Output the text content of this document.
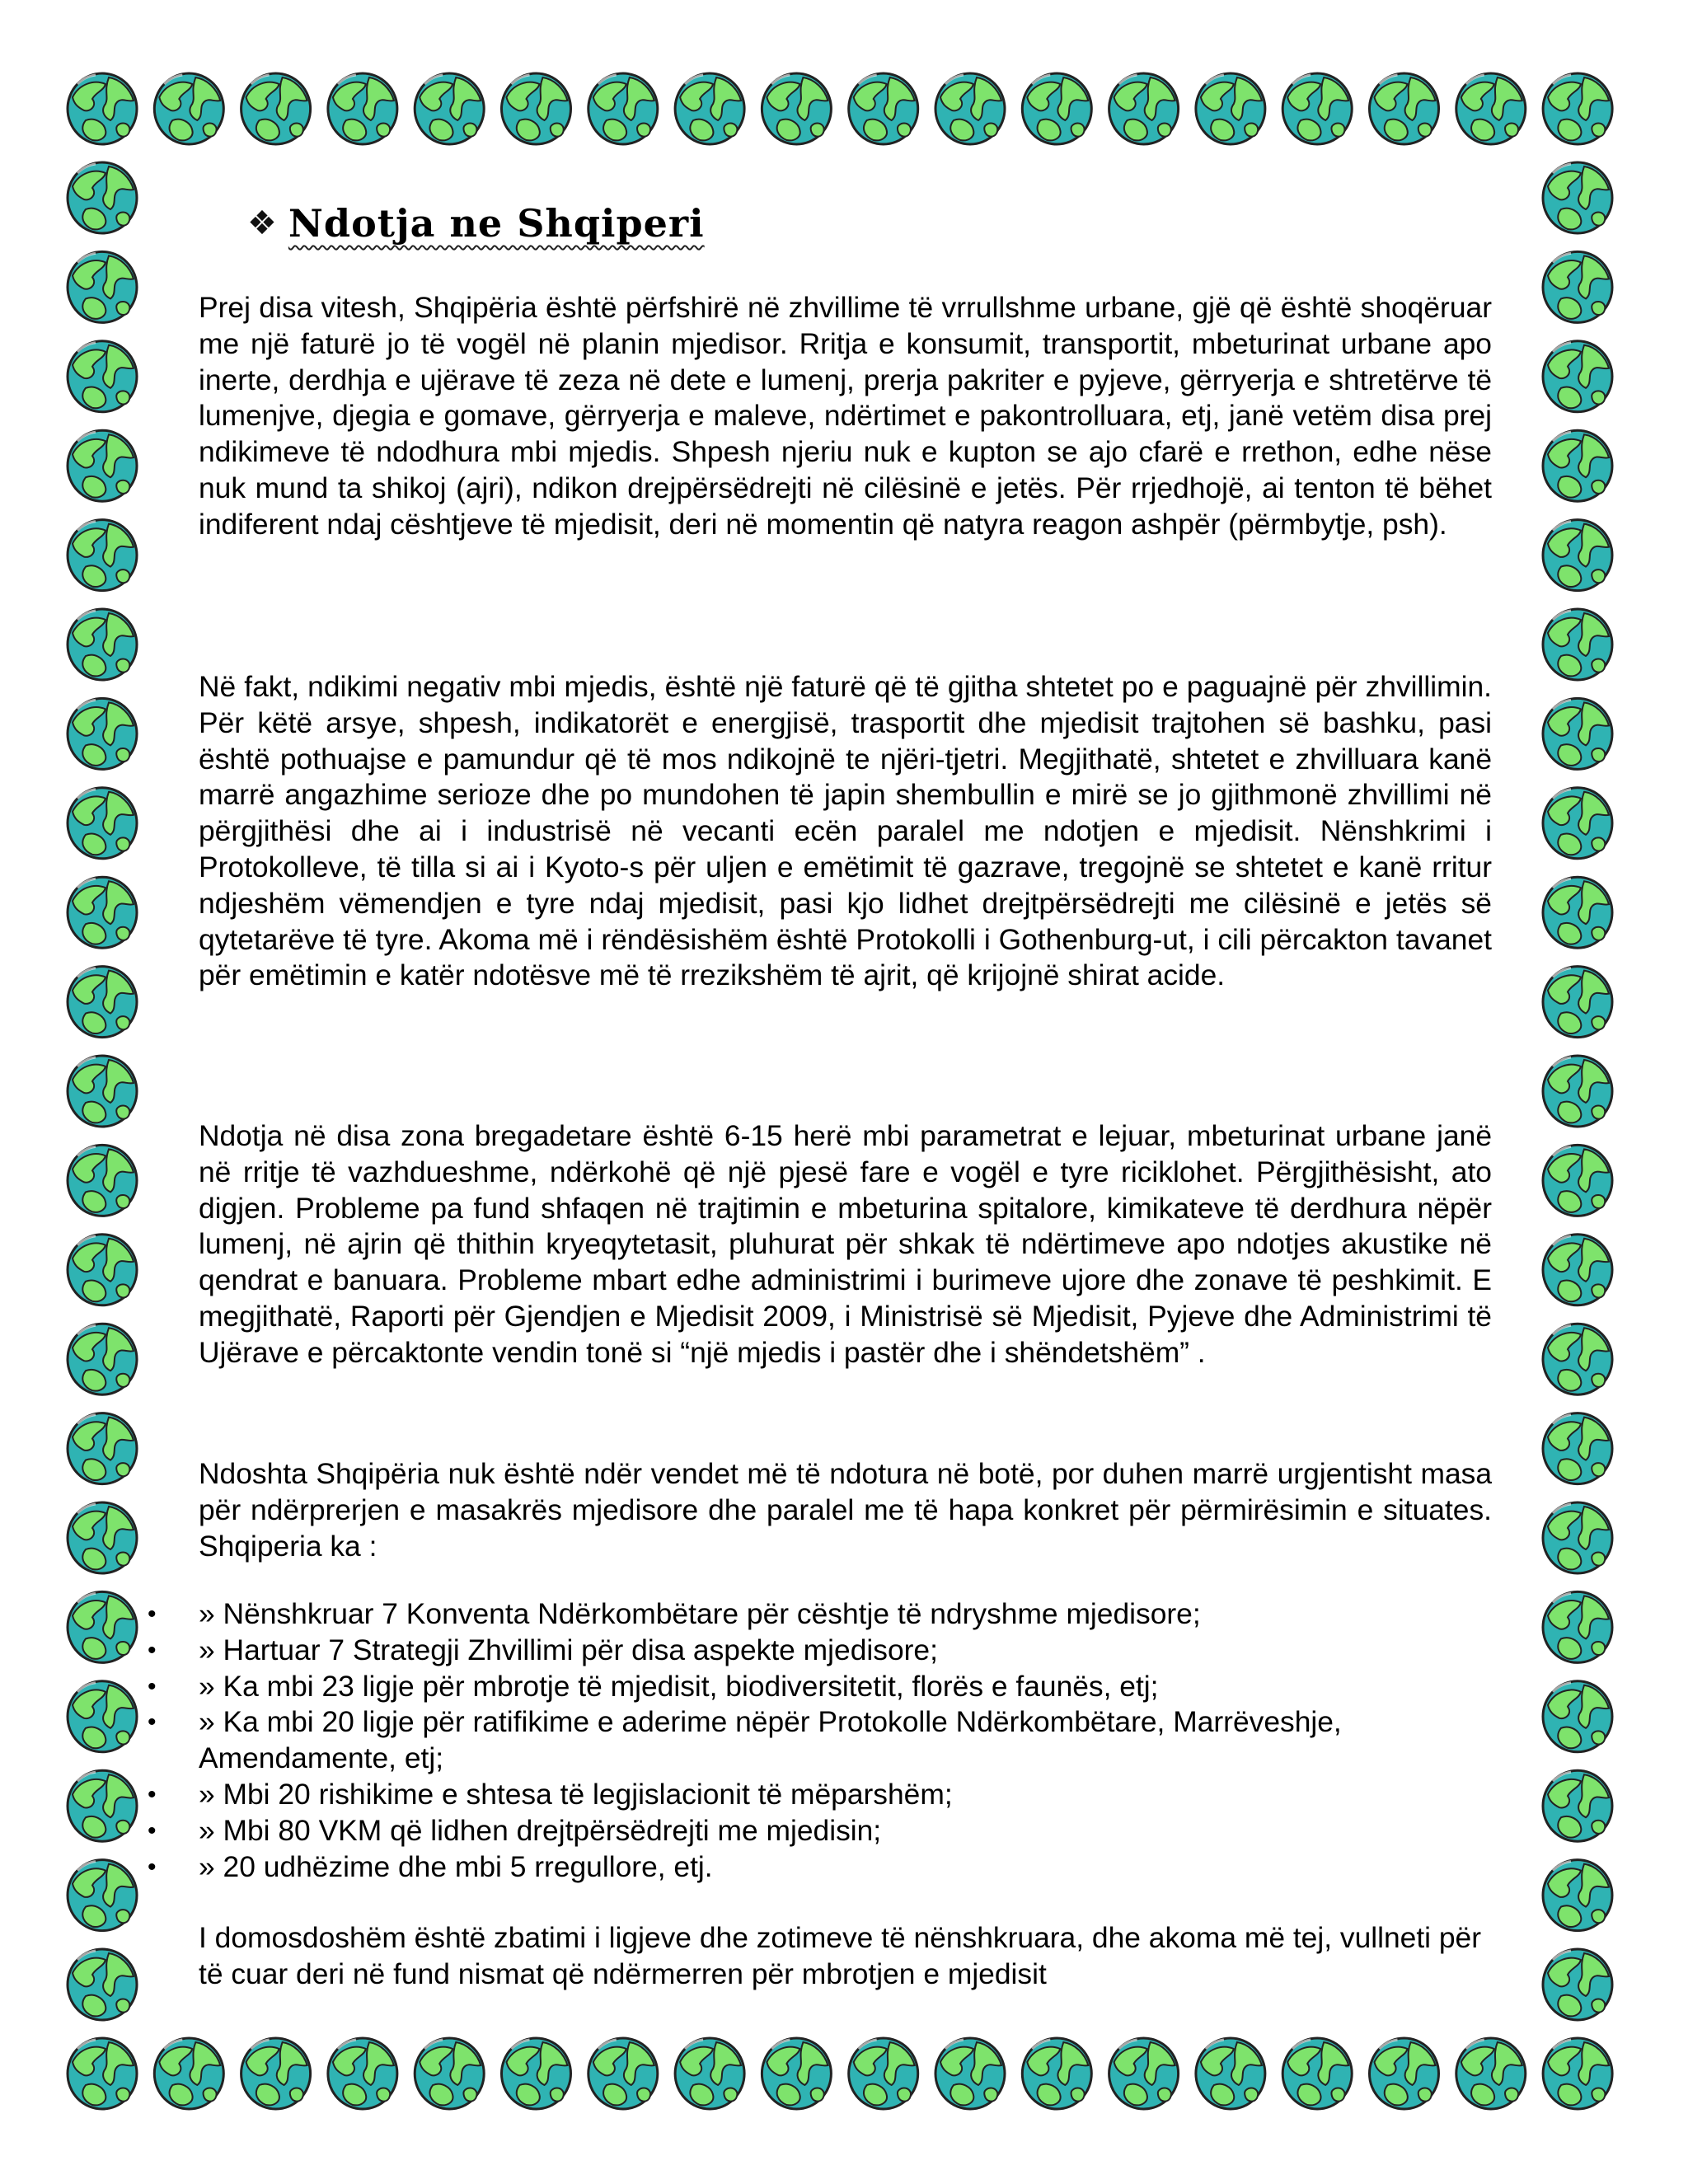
❖ Ndotja ne Shqiperi

Prej disa vitesh, Shqipëria është përfshirë në zhvillime të vrrullshme urbane, gjë që është shoqëruar me një faturë jo të vogël në planin mjedisor. Rritja e konsumit, transportit, mbeturinat urbane apo inerte, derdhja e ujërave të zeza në dete e lumenj, prerja pakriter e pyjeve, gërryerja e shtretërve të lumenjve, djegia e gomave, gërryerja e maleve, ndërtimet e pakontrolluara, etj, janë vetëm disa prej ndikimeve të ndodhura mbi mjedis. Shpesh njeriu nuk e kupton se ajo cfarë e rrethon, edhe nëse nuk mund ta shikoj (ajri), ndikon drejpërsëdrejti në cilësinë e jetës. Për rrjedhojë, ai tenton të bëhet indiferent ndaj cështjeve të mjedisit, deri në momentin që natyra reagon ashpër (përmbytje, psh).

Në fakt, ndikimi negativ mbi mjedis, është një faturë që të gjitha shtetet po e paguajnë për zhvillimin. Për këtë arsye, shpesh, indikatorët e energjisë, trasportit dhe mjedisit trajtohen së bashku, pasi është pothuajse e pamundur që të mos ndikojnë te njëri-tjetri. Megjithatë, shtetet e zhvilluara kanë marrë angazhime serioze dhe po mundohen të japin shembullin e mirë se jo gjithmonë zhvillimi në përgjithësi dhe ai i industrisë në vecanti ecën paralel me ndotjen e mjedisit. Nënshkrimi i Protokolleve, të tilla si ai i Kyoto-s për uljen e emëtimit të gazrave, tregojnë se shtetet e kanë rritur ndjeshëm vëmendjen e tyre ndaj mjedisit, pasi kjo lidhet drejtpërsëdrejti me cilësinë e jetës së qytetarëve të tyre. Akoma më i rëndësishëm është Protokolli i Gothenburg-ut, i cili përcakton tavanet për emëtimin e katër ndotësve më të rrezikshëm të ajrit, që krijojnë shirat acide.

Ndotja në disa zona bregadetare është 6-15 herë mbi parametrat e lejuar, mbeturinat urbane janë në rritje të vazhdueshme, ndërkohë që një pjesë fare e vogël e tyre riciklohet. Përgjithësisht, ato digjen. Probleme pa fund shfaqen në trajtimin e mbeturina spitalore, kimikateve të derdhura nëpër lumenj, në ajrin që thithin kryeqytetasit, pluhurat për shkak të ndërtimeve apo ndotjes akustike në qendrat e banuara. Probleme mbart edhe administrimi i burimeve ujore dhe zonave të peshkimit. E megjithatë, Raporti për Gjendjen e Mjedisit 2009, i Ministrisë së Mjedisit, Pyjeve dhe Administrimi të Ujërave e përcaktonte vendin tonë si “një mjedis i pastër dhe i shëndetshëm” .

Ndoshta Shqipëria nuk është ndër vendet më të ndotura në botë, por duhen marrë urgjentisht masa për ndërprerjen e masakrës mjedisore dhe paralel me të hapa konkret për përmirësimin e situates. Shqiperia ka :

• » Nënshkruar 7 Konventa Ndërkombëtare për cështje të ndryshme mjedisore;
• » Hartuar 7 Strategji Zhvillimi për disa aspekte mjedisore;
• » Ka mbi 23 ligje për mbrotje të mjedisit, biodiversitetit, florës e faunës, etj;
• » Ka mbi 20 ligje për ratifikime e aderime nëpër Protokolle Ndërkombëtare, Marrëveshje, Amendamente, etj;
• » Mbi 20 rishikime e shtesa të legjislacionit të mëparshëm;
• » Mbi 80 VKM që lidhen drejtpërsëdrejti me mjedisin;
• » 20 udhëzime dhe mbi 5 rregullore, etj.

I domosdoshëm është zbatimi i ligjeve dhe zotimeve të nënshkruara, dhe akoma më tej, vullneti për të cuar deri në fund nismat që ndërmerren për mbrotjen e mjedisit
